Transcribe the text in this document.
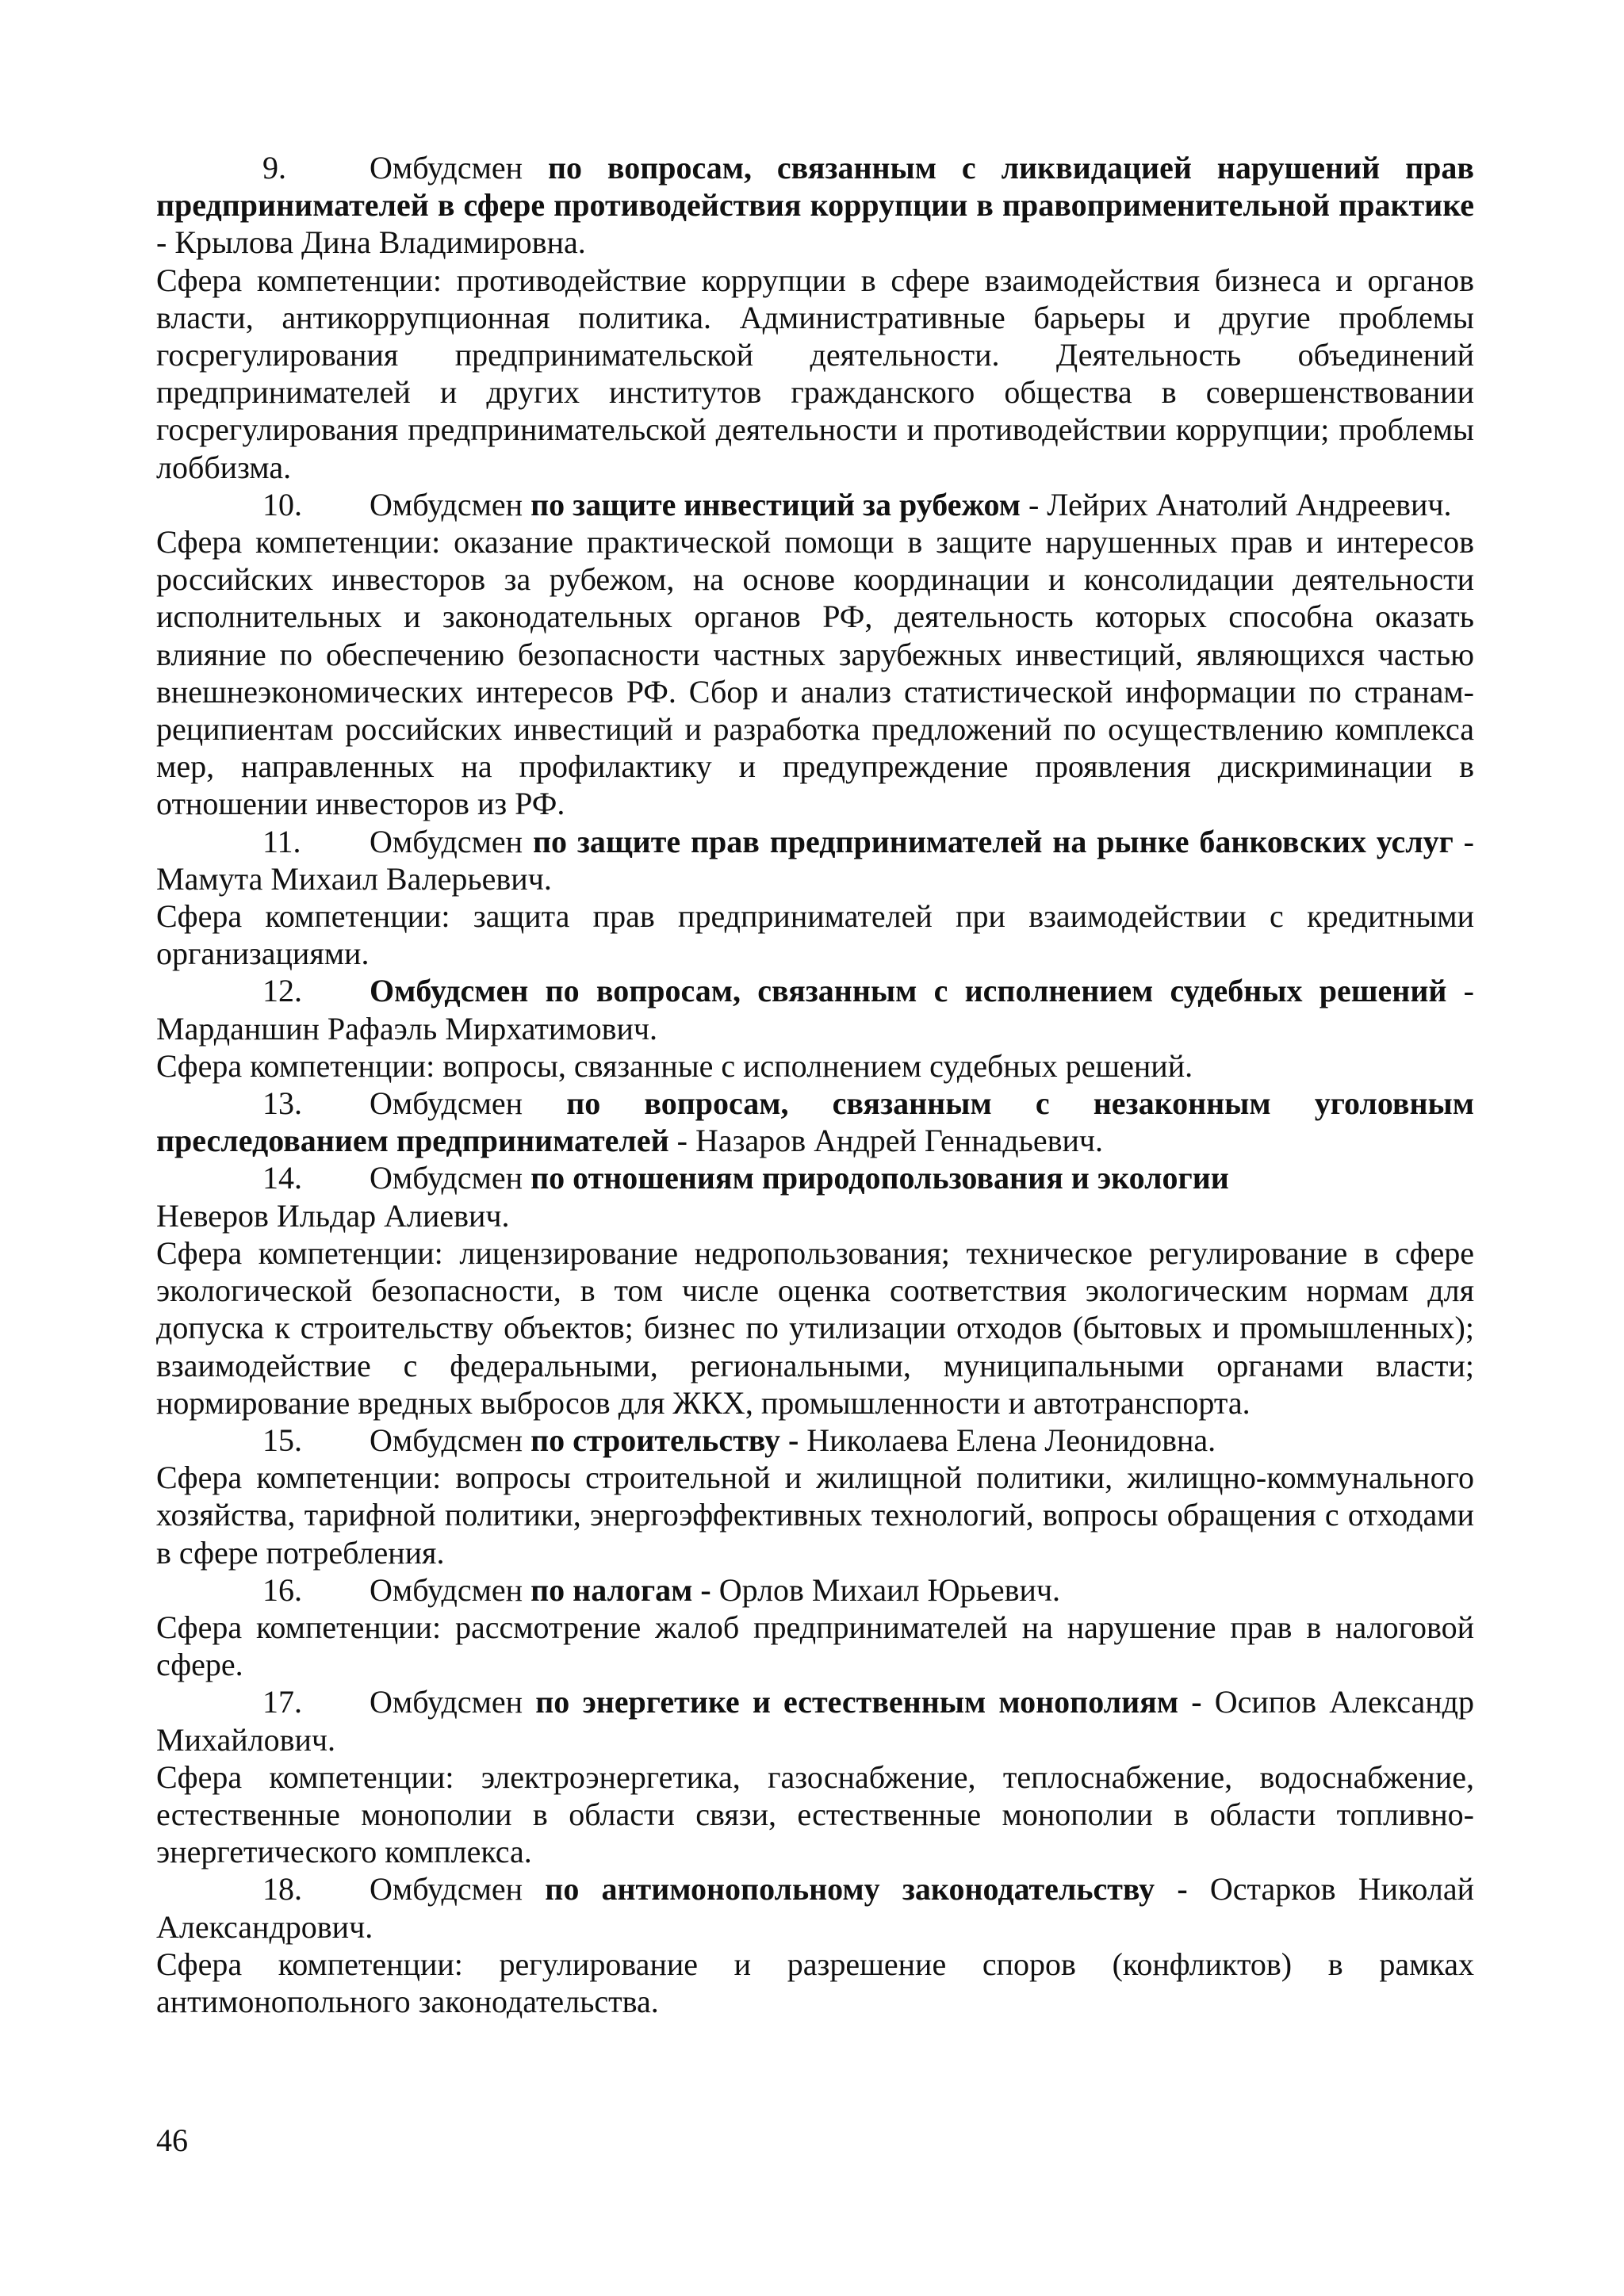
9.	Омбудсмен по вопросам, связанным с ликвидацией нарушений прав предпринимателей в сфере противодействия коррупции в правоприменительной практике - Крылова Дина Владимировна.

Сфера компетенции: противодействие коррупции в сфере взаимодействия бизнеса и органов власти, антикоррупционная политика. Административные барьеры и другие проблемы госрегулирования предпринимательской деятельности. Деятельность объединений предпринимателей и других институтов гражданского общества в совершенствовании госрегулирования предпринимательской деятельности и противодействии коррупции; проблемы лоббизма.

10. Омбудсмен по защите инвестиций за рубежом - Лейрих Анатолий Андреевич.

Сфера компетенции: оказание практической помощи в защите нарушенных прав и интересов российских инвесторов за рубежом, на основе координации и консолидации деятельности исполнительных и законодательных органов РФ, деятельность которых способна оказать влияние по обеспечению безопасности частных зарубежных инвестиций, являющихся частью внешнеэкономических интересов РФ. Сбор и анализ статистической информации по странам-реципиентам российских инвестиций и разработка предложений по осуществлению комплекса мер, направленных на профилактику и предупреждение проявления дискриминации в отношении инвесторов из РФ.

11. Омбудсмен по защите прав предпринимателей на рынке банковских услуг - Мамута Михаил Валерьевич.

Сфера компетенции: защита прав предпринимателей при взаимодействии с кредитными организациями.

12. Омбудсмен по вопросам, связанным с исполнением судебных решений - Марданшин Рафаэль Мирхатимович.

Сфера компетенции: вопросы, связанные с исполнением судебных решений.

13. Омбудсмен по вопросам, связанным с незаконным уголовным преследованием предпринимателей - Назаров Андрей Геннадьевич.

14. Омбудсмен по отношениям природопользования и экологии

Неверов Ильдар Алиевич.

Сфера компетенции: лицензирование недропользования; техническое регулирование в сфере экологической безопасности, в том числе оценка соответствия экологическим нормам для допуска к строительству объектов; бизнес по утилизации отходов (бытовых и промышленных); взаимодействие с федеральными, региональными, муниципальными органами власти; нормирование вредных выбросов для ЖКХ, промышленности и автотранспорта.

15. Омбудсмен по строительству - Николаева Елена Леонидовна.

Сфера компетенции: вопросы строительной и жилищной политики, жилищно-коммунального хозяйства, тарифной политики, энергоэффективных технологий, вопросы обращения с отходами в сфере потребления.

16. Омбудсмен по налогам - Орлов Михаил Юрьевич.

Сфера компетенции: рассмотрение жалоб предпринимателей на нарушение прав в налоговой сфере.

17. Омбудсмен по энергетике и естественным монополиям - Осипов Александр Михайлович.

Сфера компетенции: электроэнергетика, газоснабжение, теплоснабжение, водоснабжение, естественные монополии в области связи, естественные монополии в области топливно-энергетического комплекса.

18. Омбудсмен по антимонопольному законодательству - Остарков Николай Александрович.

Сфера компетенции: регулирование и разрешение споров (конфликтов) в рамках антимонопольного законодательства.

46
